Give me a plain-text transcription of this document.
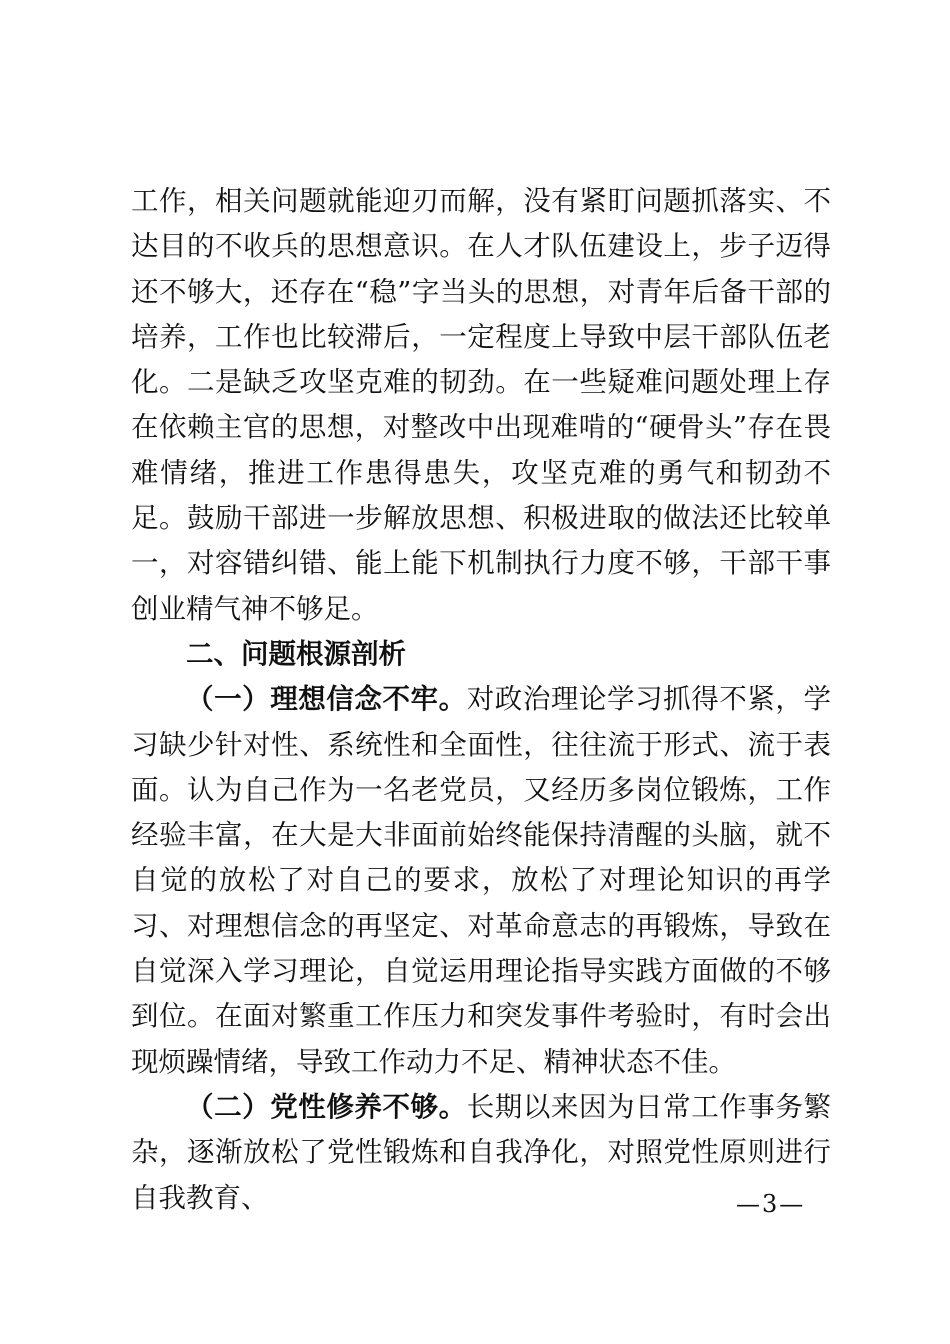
工作，相关问题就能迎刃而解，没有紧盯问题抓落实、不达目的不收兵的思想意识。在人才队伍建设上，步子迈得还不够大，还存在“稳”字当头的思想，对青年后备干部的培养，工作也比较滞后，一定程度上导致中层干部队伍老化。二是缺乏攻坚克难的韧劲。在一些疑难问题处理上存在依赖主官的思想，对整改中出现难啃的“硬骨头”存在畏难情绪，推进工作患得患失，攻坚克难的勇气和韧劲不足。鼓励干部进一步解放思想、积极进取的做法还比较单一，对容错纠错、能上能下机制执行力度不够，干部干事创业精气神不够足。

二、问题根源剖析

（一）理想信念不牢。对政治理论学习抓得不紧，学习缺少针对性、系统性和全面性，往往流于形式、流于表面。认为自己作为一名老党员，又经历多岗位锻炼，工作经验丰富，在大是大非面前始终能保持清醒的头脑，就不自觉的放松了对自己的要求，放松了对理论知识的再学习、对理想信念的再坚定、对革命意志的再锻炼，导致在自觉深入学习理论，自觉运用理论指导实践方面做的不够到位。在面对繁重工作压力和突发事件考验时，有时会出现烦躁情绪，导致工作动力不足、精神状态不佳。

（二）党性修养不够。长期以来因为日常工作事务繁杂，逐渐放松了党性锻炼和自我净化，对照党性原则进行自我教育、	—3—
